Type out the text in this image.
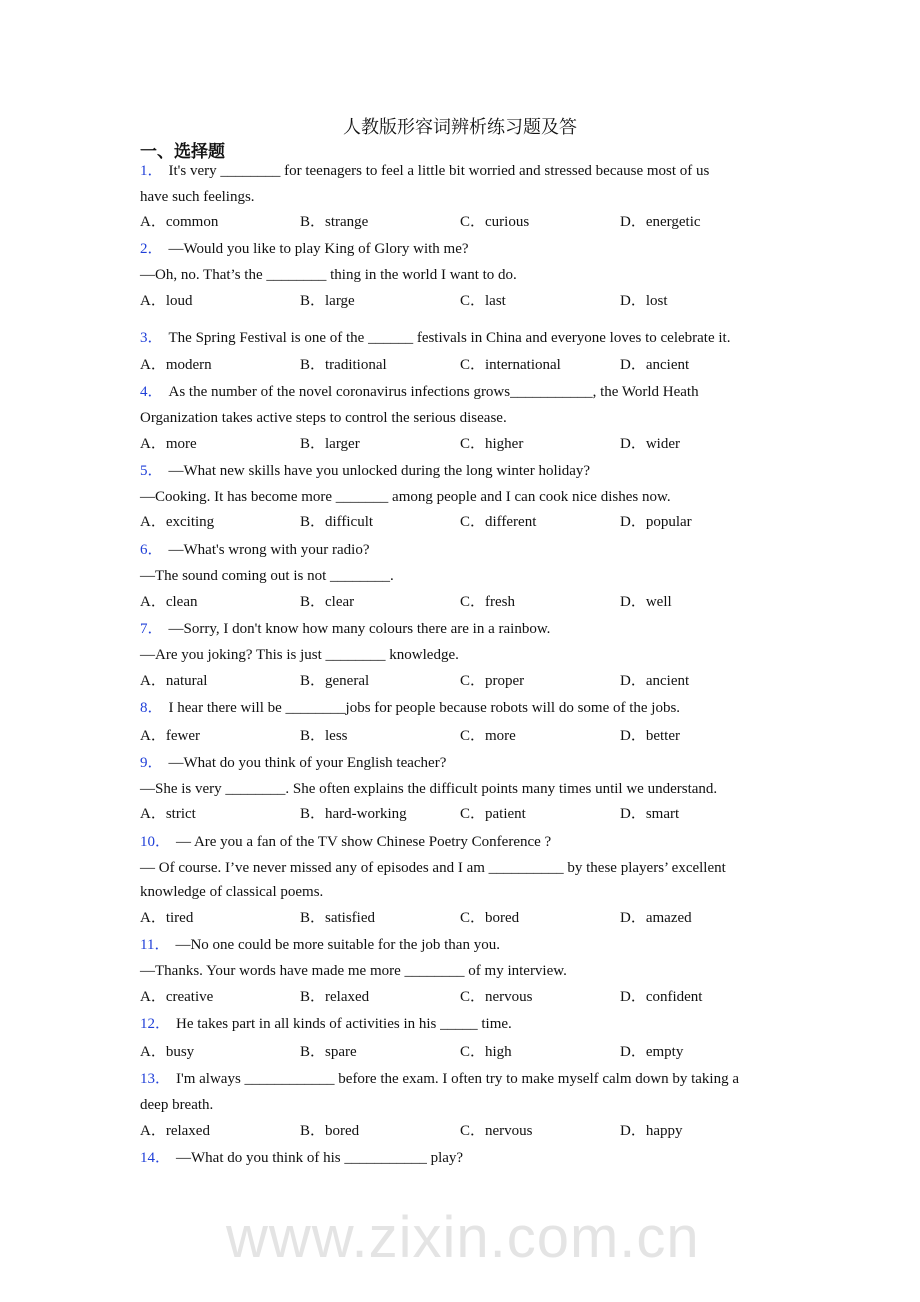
www.zixin.com.cn
人教版形容词辨析练习题及答
一、选择题
1． It's very ________ for teenagers to feel a little bit worried and stressed because most of us
have such feelings.
A．common	B．strange	C．curious	D．energetic
2． —Would you like to play King of Glory with me?
—Oh, no. That’s the ________ thing in the world I want to do.
A．loud	B．large	C．last	D．lost
3． The Spring Festival is one of the ______ festivals in China and everyone loves to celebrate it.
A．modern	B．traditional	C．international	D．ancient
4． As the number of the novel coronavirus infections grows___________, the World Heath
Organization takes active steps to control the serious disease.
A．more	B．larger	C．higher	D．wider
5． —What new skills have you unlocked during the long winter holiday?
—Cooking. It has become more _______ among people and I can cook nice dishes now.
A．exciting	B．difficult	C．different	D．popular
6． —What's wrong with your radio?
—The sound coming out is not ________.
A．clean	B．clear	C．fresh	D．well
7． —Sorry, I don't know how many colours there are in a rainbow.
—Are you joking? This is just ________ knowledge.
A．natural	B．general	C．proper	D．ancient
8． I hear there will be ________jobs for people because robots will do some of the jobs.
A．fewer	B．less	C．more	D．better
9． —What do you think of your English teacher?
—She is very ________. She often explains the difficult points many times until we understand.
A．strict	B．hard-working	C．patient	D．smart
10． — Are you a fan of the TV show Chinese Poetry Conference ?
— Of course. I’ve never missed any of episodes and I am __________ by these players’ excellent
knowledge of classical poems.
A．tired	B．satisfied	C．bored	D．amazed
11． —No one could be more suitable for the job than you.
—Thanks. Your words have made me more ________ of my interview.
A．creative	B．relaxed	C．nervous	D．confident
12． He takes part in all kinds of activities in his _____ time.
A．busy	B．spare	C．high	D．empty
13． I'm always ____________ before the exam. I often try to make myself calm down by taking a
deep breath.
A．relaxed	B．bored	C．nervous	D．happy
14． —What do you think of his ___________ play?
